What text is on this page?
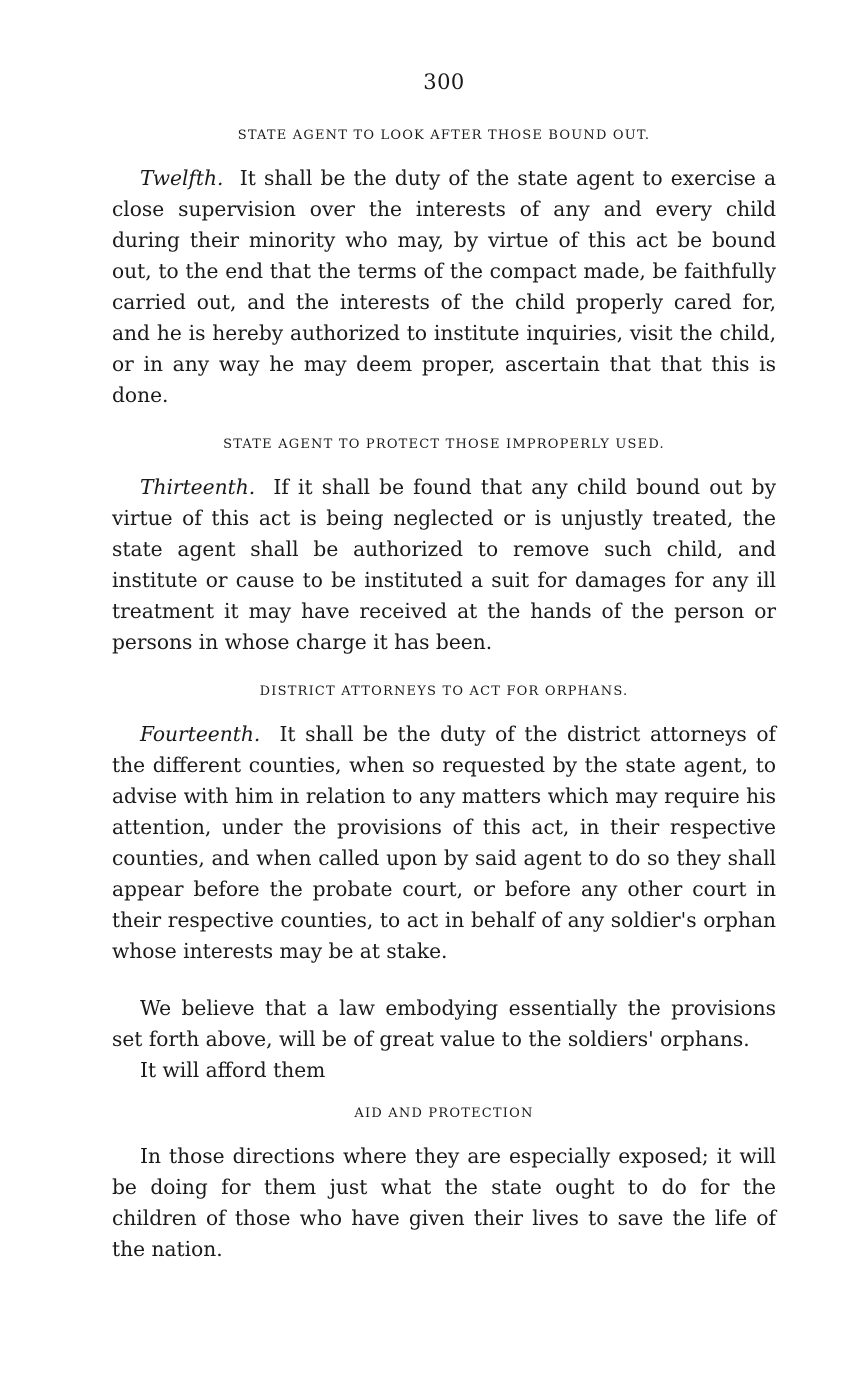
300
STATE AGENT TO LOOK AFTER THOSE BOUND OUT.

Twelfth. It shall be the duty of the state agent to exercise a close supervision over the interests of any and every child during their minority who may, by virtue of this act be bound out, to the end that the terms of the compact made, be faithfully carried out, and the interests of the child properly cared for, and he is hereby authorized to institute inquiries, visit the child, or in any way he may deem proper, ascertain that that this is done.

STATE AGENT TO PROTECT THOSE IMPROPERLY USED.

Thirteenth. If it shall be found that any child bound out by virtue of this act is being neglected or is unjustly treated, the state agent shall be authorized to remove such child, and institute or cause to be instituted a suit for damages for any ill treatment it may have received at the hands of the person or persons in whose charge it has been.

DISTRICT ATTORNEYS TO ACT FOR ORPHANS.

Fourteenth. It shall be the duty of the district attorneys of the different counties, when so requested by the state agent, to advise with him in relation to any matters which may require his attention, under the provisions of this act, in their respective counties, and when called upon by said agent to do so they shall appear before the probate court, or before any other court in their respective counties, to act in behalf of any soldier's orphan whose interests may be at stake.

We believe that a law embodying essentially the provisions set forth above, will be of great value to the soldiers' orphans.

It will afford them

AID AND PROTECTION

In those directions where they are especially exposed; it will be doing for them just what the state ought to do for the children of those who have given their lives to save the life of the nation.
